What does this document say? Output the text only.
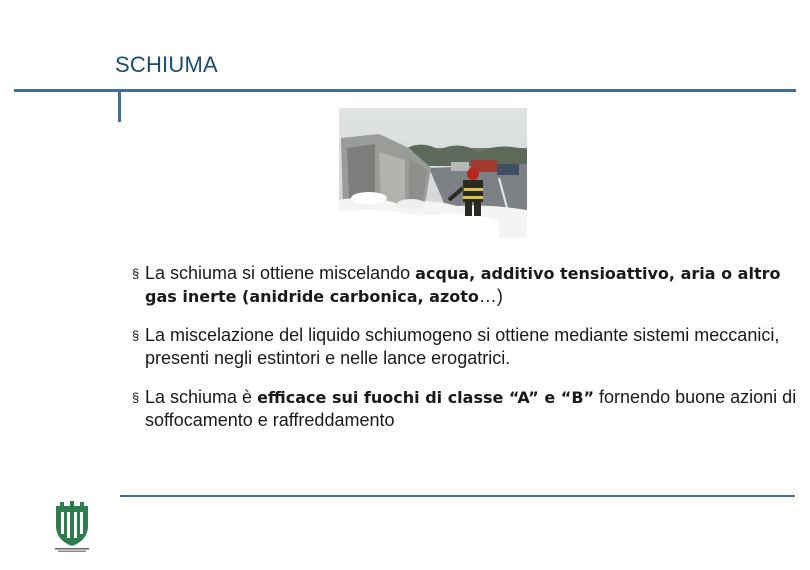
SCHIUMA
§ La schiuma si ottiene miscelando acqua, additivo tensioattivo, aria o altro gas inerte (anidride carbonica, azoto…)
§ La miscelazione del liquido schiumogeno si ottiene mediante sistemi meccanici, presenti negli estintori e nelle lance erogatrici.
§ La schiuma è efficace sui fuochi di classe “A” e “B” fornendo buone azioni di soffocamento e raffreddamento
